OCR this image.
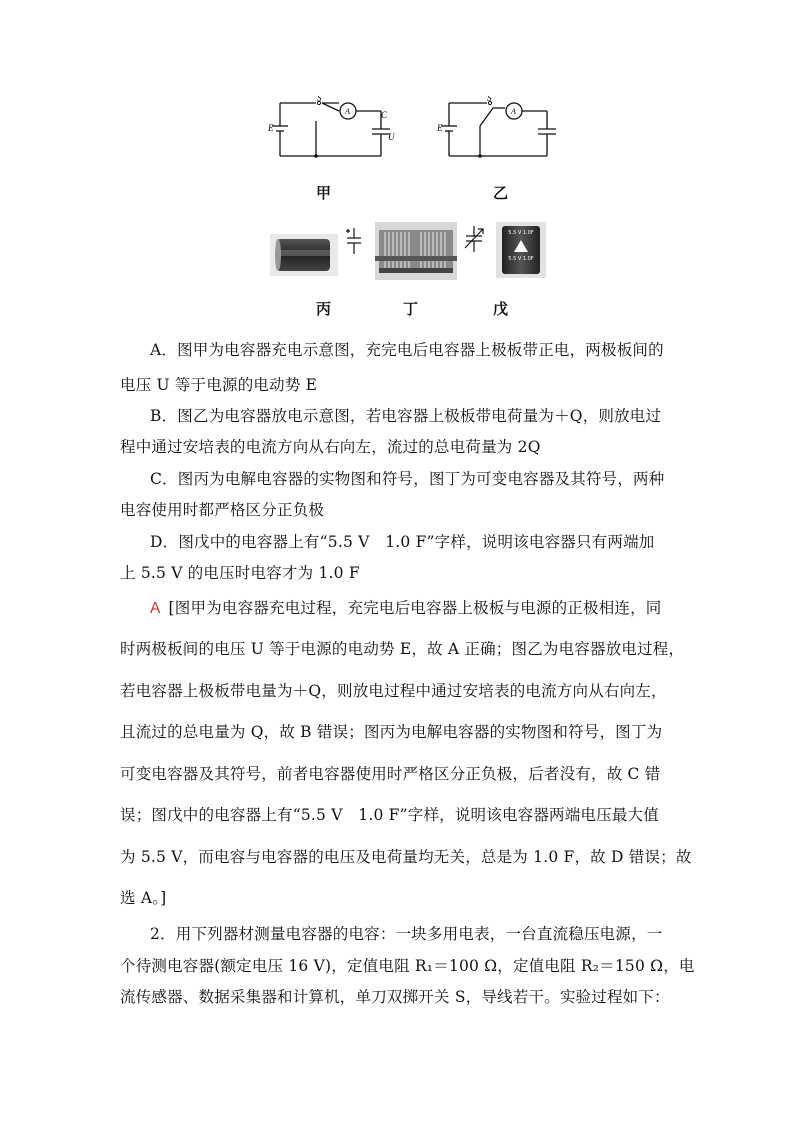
S
A	C
U
E
甲
S
A
E
乙
丙	丁
5.5 V 1.0F
5.5 V 1.0F
戊
A．图甲为电容器充电示意图，充完电后电容器上极板带正电，两极板间的
电压 U 等于电源的电动势 E
B．图乙为电容器放电示意图，若电容器上极板带电荷量为＋Q，则放电过
程中通过安培表的电流方向从右向左，流过的总电荷量为 2Q
C．图丙为电解电容器的实物图和符号，图丁为可变电容器及其符号，两种
电容使用时都严格区分正负极
D．图戊中的电容器上有“5.5 V　1.0 F”字样，说明该电容器只有两端加
上 5.5 V 的电压时电容才为 1.0 F
A [图甲为电容器充电过程，充完电后电容器上极板与电源的正极相连，同
时两极板间的电压 U 等于电源的电动势 E，故 A 正确；图乙为电容器放电过程，
若电容器上极板带电量为＋Q，则放电过程中通过安培表的电流方向从右向左，
且流过的总电量为 Q，故 B 错误；图丙为电解电容器的实物图和符号，图丁为
可变电容器及其符号，前者电容器使用时严格区分正负极，后者没有，故 C 错
误；图戊中的电容器上有“5.5 V　1.0 F”字样，说明该电容器两端电压最大值
为 5.5 V，而电容与电容器的电压及电荷量均无关，总是为 1.0 F，故 D 错误；故
选 A。]
2．用下列器材测量电容器的电容：一块多用电表，一台直流稳压电源，一
个待测电容器(额定电压 16 V)，定值电阻 R₁＝100 Ω，定值电阻 R₂＝150 Ω，电
流传感器、数据采集器和计算机，单刀双掷开关 S，导线若干。实验过程如下：
